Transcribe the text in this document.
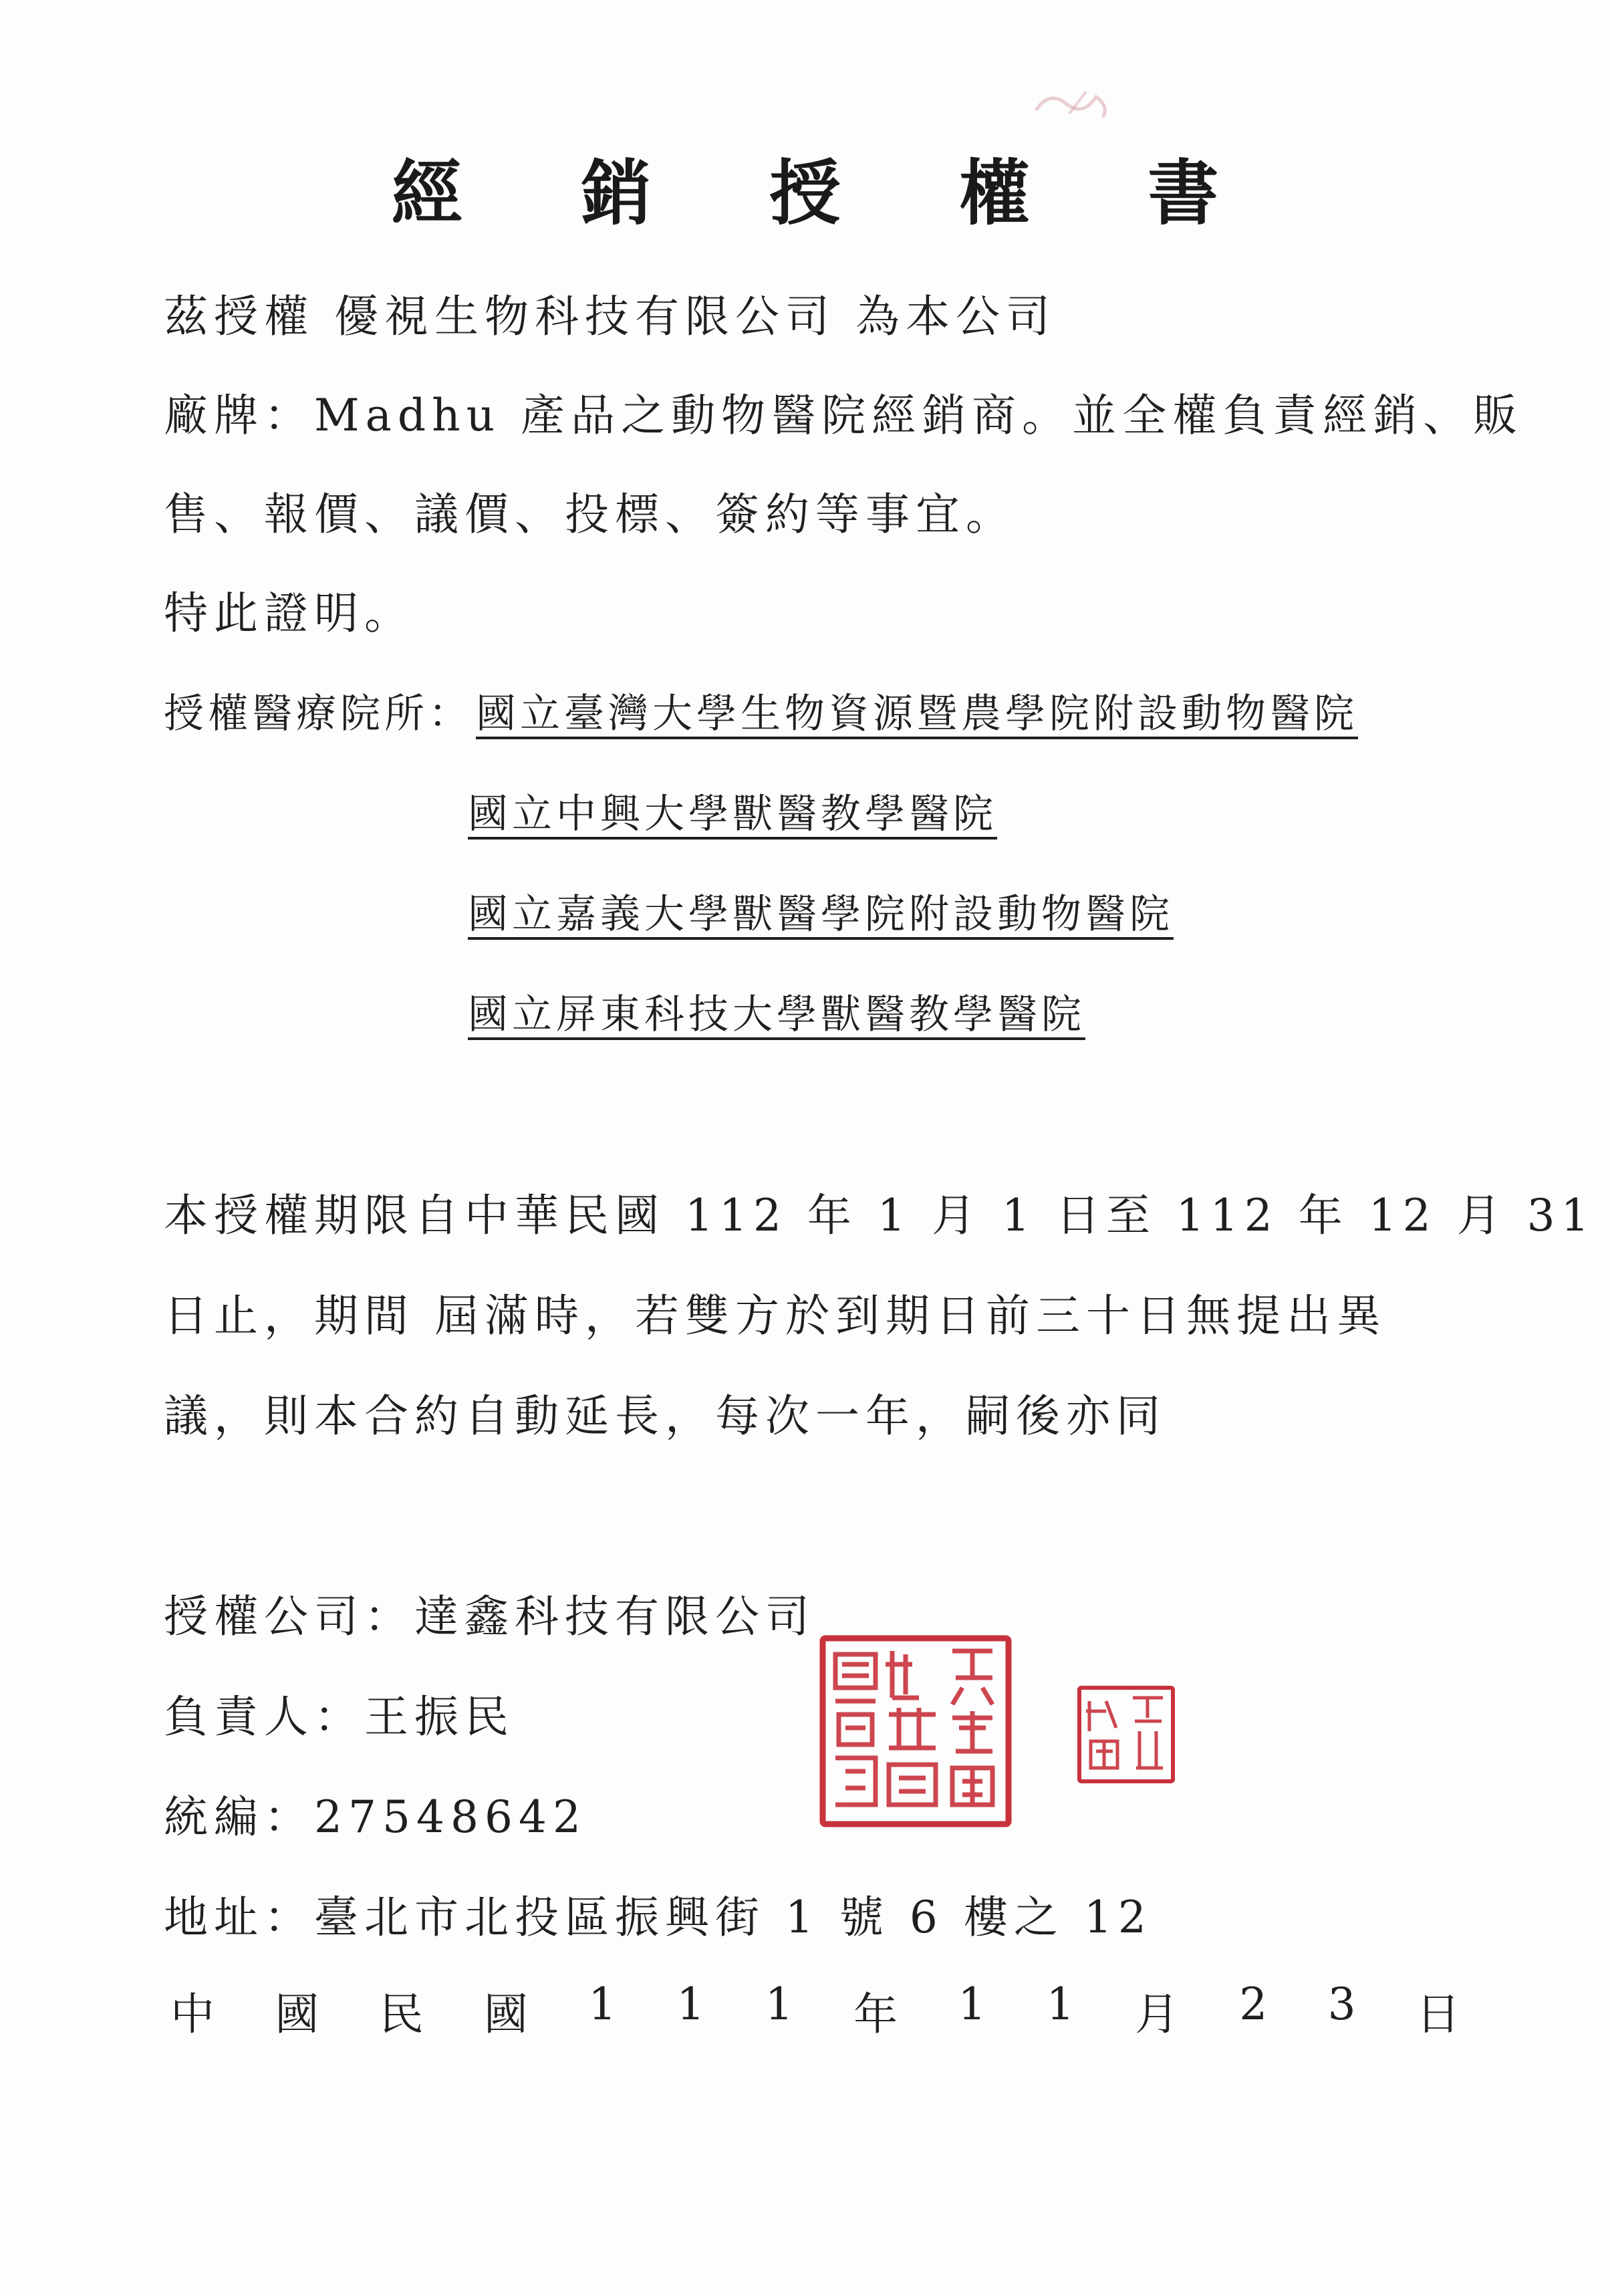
經 銷 授 權 書
茲授權 優視生物科技有限公司 為本公司
廠牌：Madhu 產品之動物醫院經銷商。並全權負責經銷、販
售、報價、議價、投標、簽約等事宜。
特此證明。
授權醫療院所： 國立臺灣大學生物資源暨農學院附設動物醫院
國立中興大學獸醫教學醫院
國立嘉義大學獸醫學院附設動物醫院
國立屏東科技大學獸醫教學醫院
本授權期限自中華民國 112 年 1 月 1 日至 112 年 12 月 31
日止，期間 屆滿時，若雙方於到期日前三十日無提出異
議，則本合約自動延長，每次一年，嗣後亦同
授權公司：達鑫科技有限公司
負責人：王振民
統編：27548642
地址：臺北市北投區振興街 1 號 6 樓之 12
中 國 民 國 1 1 1 年 1 1 月 2 3 日
